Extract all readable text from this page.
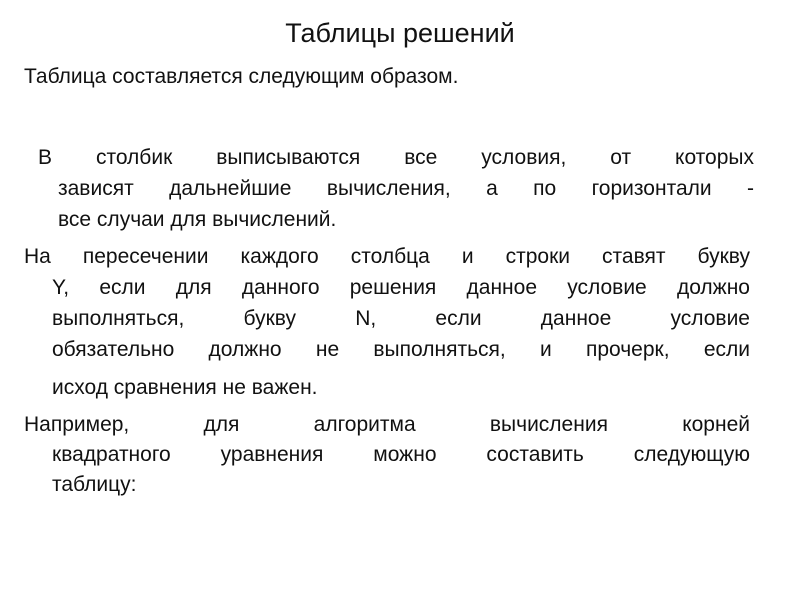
Таблицы решений
Таблица составляется следующим образом.
В столбик выписываются все условия, от которых
зависят дальнейшие вычисления, а по горизонтали -
все случаи для вычислений.
На пересечении каждого столбца и строки ставят букву
Y, если для данного решения данное условие должно
выполняться, букву N, если данное условие
обязательно должно не выполняться, и прочерк, если
исход сравнения не важен.
Например, для алгоритма вычисления корней
квадратного уравнения можно составить следующую
таблицу:
